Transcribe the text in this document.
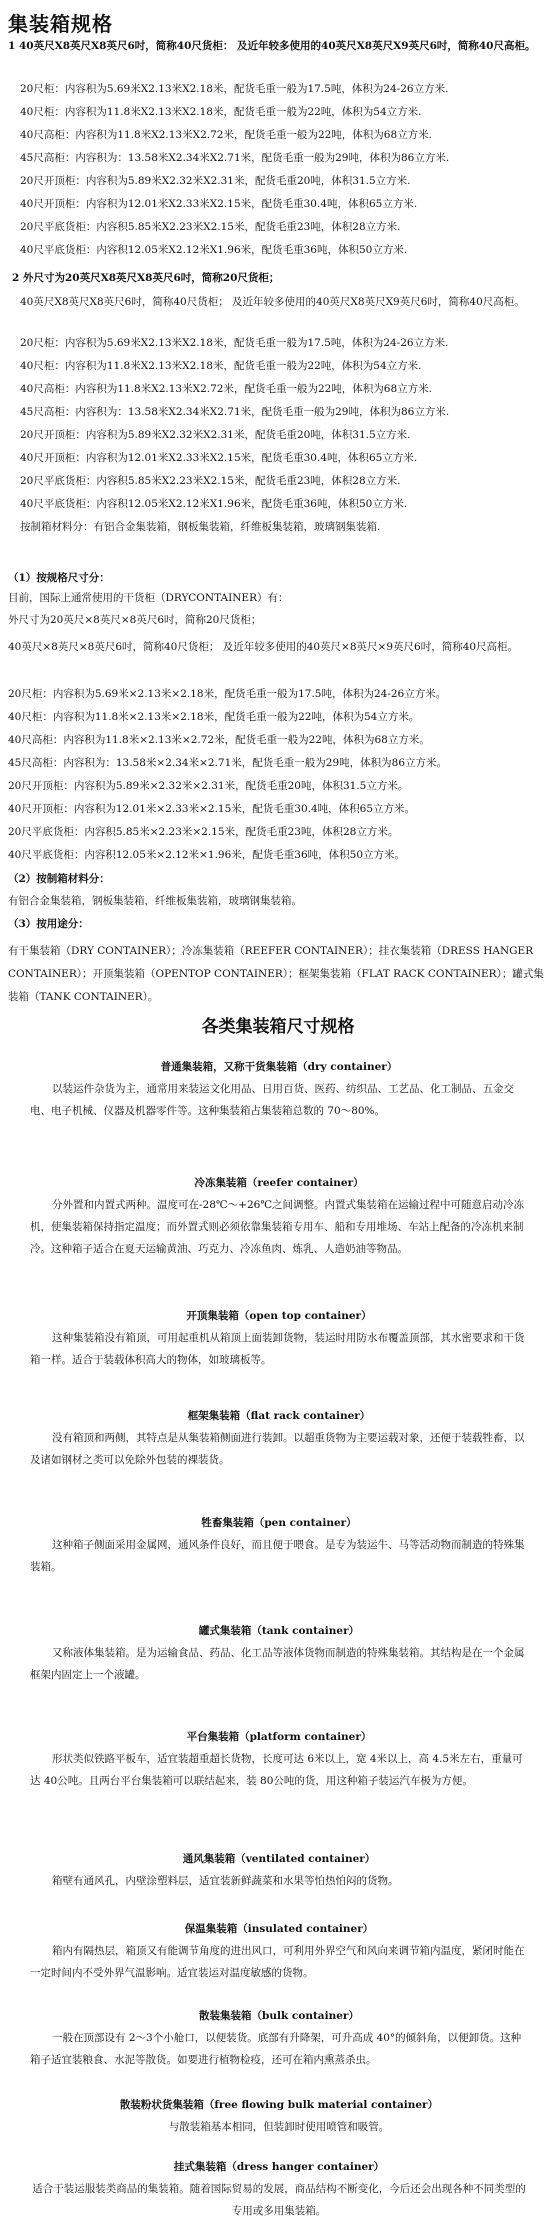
集装箱规格
1 40英尺X8英尺X8英尺6吋，简称40尺货柜： 及近年较多使用的40英尺X8英尺X9英尺6吋，简称40尺高柜。
20尺柜：内容积为5.69米X2.13米X2.18米，配货毛重一般为17.5吨，体积为24-26立方米.
40尺柜：内容积为11.8米X2.13米X2.18米，配货毛重一般为22吨，体积为54立方米.
40尺高柜：内容积为11.8米X2.13米X2.72米，配货毛重一般为22吨，体积为68立方米.
45尺高柜：内容积为：13.58米X2.34米X2.71米，配货毛重一般为29吨，体积为86立方米.
20尺开顶柜：内容积为5.89米X2.32米X2.31米，配货毛重20吨，体积31.5立方米.
40尺开顶柜：内容积为12.01米X2.33米X2.15米，配货毛重30.4吨，体积65立方米.
20尺平底货柜：内容积5.85米X2.23米X2.15米，配货毛重23吨，体积28立方米.
40尺平底货柜：内容积12.05米X2.12米X1.96米，配货毛重36吨，体积50立方米.
2 外尺寸为20英尺X8英尺X8英尺6吋，简称20尺货柜；
40英尺X8英尺X8英尺6吋，简称40尺货柜； 及近年较多使用的40英尺X8英尺X9英尺6吋，简称40尺高柜。
20尺柜：内容积为5.69米X2.13米X2.18米，配货毛重一般为17.5吨，体积为24-26立方米.
40尺柜：内容积为11.8米X2.13米X2.18米，配货毛重一般为22吨，体积为54立方米.
40尺高柜：内容积为11.8米X2.13米X2.72米，配货毛重一般为22吨，体积为68立方米.
45尺高柜：内容积为：13.58米X2.34米X2.71米，配货毛重一般为29吨，体积为86立方米.
20尺开顶柜：内容积为5.89米X2.32米X2.31米，配货毛重20吨，体积31.5立方米.
40尺开顶柜：内容积为12.01米X2.33米X2.15米，配货毛重30.4吨，体积65立方米.
20尺平底货柜：内容积5.85米X2.23米X2.15米，配货毛重23吨，体积28立方米.
40尺平底货柜：内容积12.05米X2.12米X1.96米，配货毛重36吨，体积50立方米.
按制箱材料分：有铝合金集装箱，钢板集装箱，纤维板集装箱，玻璃钢集装箱.
（1）按规格尺寸分：
目前，国际上通常使用的干货柜（DRYCONTAINER）有：
外尺寸为20英尺×8英尺×8英尺6吋，简称20尺货柜；
40英尺×8英尺×8英尺6吋，简称40尺货柜； 及近年较多使用的40英尺×8英尺×9英尺6吋，简称40尺高柜。
20尺柜：内容积为5.69米×2.13米×2.18米，配货毛重一般为17.5吨，体积为24-26立方米。
40尺柜：内容积为11.8米×2.13米×2.18米，配货毛重一般为22吨，体积为54立方米。
40尺高柜：内容积为11.8米×2.13米×2.72米，配货毛重一般为22吨，体积为68立方米。
45尺高柜：内容积为：13.58米×2.34米×2.71米，配货毛重一般为29吨，体积为86立方米。
20尺开顶柜：内容积为5.89米×2.32米×2.31米，配货毛重20吨，体积31.5立方米。
40尺开顶柜：内容积为12.01米×2.33米×2.15米，配货毛重30.4吨，体积65立方米。
20尺平底货柜：内容积5.85米×2.23米×2.15米，配货毛重23吨，体积28立方米。
40尺平底货柜：内容积12.05米×2.12米×1.96米，配货毛重36吨，体积50立方米。
（2）按制箱材料分：
有铝合金集装箱，钢板集装箱，纤维板集装箱，玻璃钢集装箱。
（3）按用途分：
有干集装箱（DRY CONTAINER）；冷冻集装箱（REEFER CONTAINER）；挂衣集装箱（DRESS HANGER CONTAINER）；开顶集装箱（OPENTOP CONTAINER）；框架集装箱（FLAT RACK CONTAINER）；罐式集装箱（TANK CONTAINER）。
各类集装箱尺寸规格
普通集装箱，又称干货集装箱（dry container）
以装运件杂货为主，通常用来装运文化用品、日用百货、医药、纺织品、工艺品、化工制品、五金交电、电子机械、仪器及机器零件等。这种集装箱占集装箱总数的 70～80%。
冷冻集装箱（reefer container）
分外置和内置式两种。温度可在-28℃～+26℃之间调整。内置式集装箱在运输过程中可随意启动冷冻机，使集装箱保持指定温度；而外置式则必须依靠集装箱专用车、船和专用堆场、车站上配备的冷冻机来制冷。这种箱子适合在夏天运输黄油、巧克力、冷冻鱼肉、炼乳、人造奶油等物品。
开顶集装箱（open top container）
这种集装箱没有箱顶，可用起重机从箱顶上面装卸货物，装运时用防水布覆盖顶部，其水密要求和干货箱一样。适合于装载体积高大的物体，如玻璃板等。
框架集装箱（flat rack container）
没有箱顶和两侧，其特点是从集装箱侧面进行装卸。以超重货物为主要运载对象，还便于装载牲畜，以及诸如钢材之类可以免除外包装的裸装货。
牲畜集装箱（pen container）
这种箱子侧面采用金属网，通风条件良好，而且便于喂食。是专为装运牛、马等活动物而制造的特殊集装箱。
罐式集装箱（tank container）
又称液体集装箱。是为运输食品、药品、化工品等液体货物而制造的特殊集装箱。其结构是在一个金属框架内固定上一个液罐。
平台集装箱（platform container）
形状类似铁路平板车，适宜装超重超长货物，长度可达 6米以上，宽 4米以上，高 4.5米左右，重量可达 40公吨。且两台平台集装箱可以联结起来，装 80公吨的货，用这种箱子装运汽车极为方便。
通风集装箱（ventilated container）
箱壁有通风孔，内壁涂塑料层，适宜装新鲜蔬菜和水果等怕热怕闷的货物。
保温集装箱（insulated container）
箱内有隔热层，箱顶又有能调节角度的进出风口，可利用外界空气和风向来调节箱内温度，紧闭时能在一定时间内不受外界气温影响。适宜装运对温度敏感的货物。
散装集装箱（bulk container）
一般在顶部设有 2～3个小舱口，以便装货。底部有升降架，可升高成 40°的倾斜角，以便卸货。这种箱子适宜装粮食、水泥等散货。如要进行植物检疫，还可在箱内熏蒸杀虫。
散装粉状货集装箱（free flowing bulk material container）
与散装箱基本相同，但装卸时使用喷管和吸管。
挂式集装箱（dress hanger container）
适合于装运服装类商品的集装箱。随着国际贸易的发展，商品结构不断变化，今后还会出现各种不同类型的专用或多用集装箱。
